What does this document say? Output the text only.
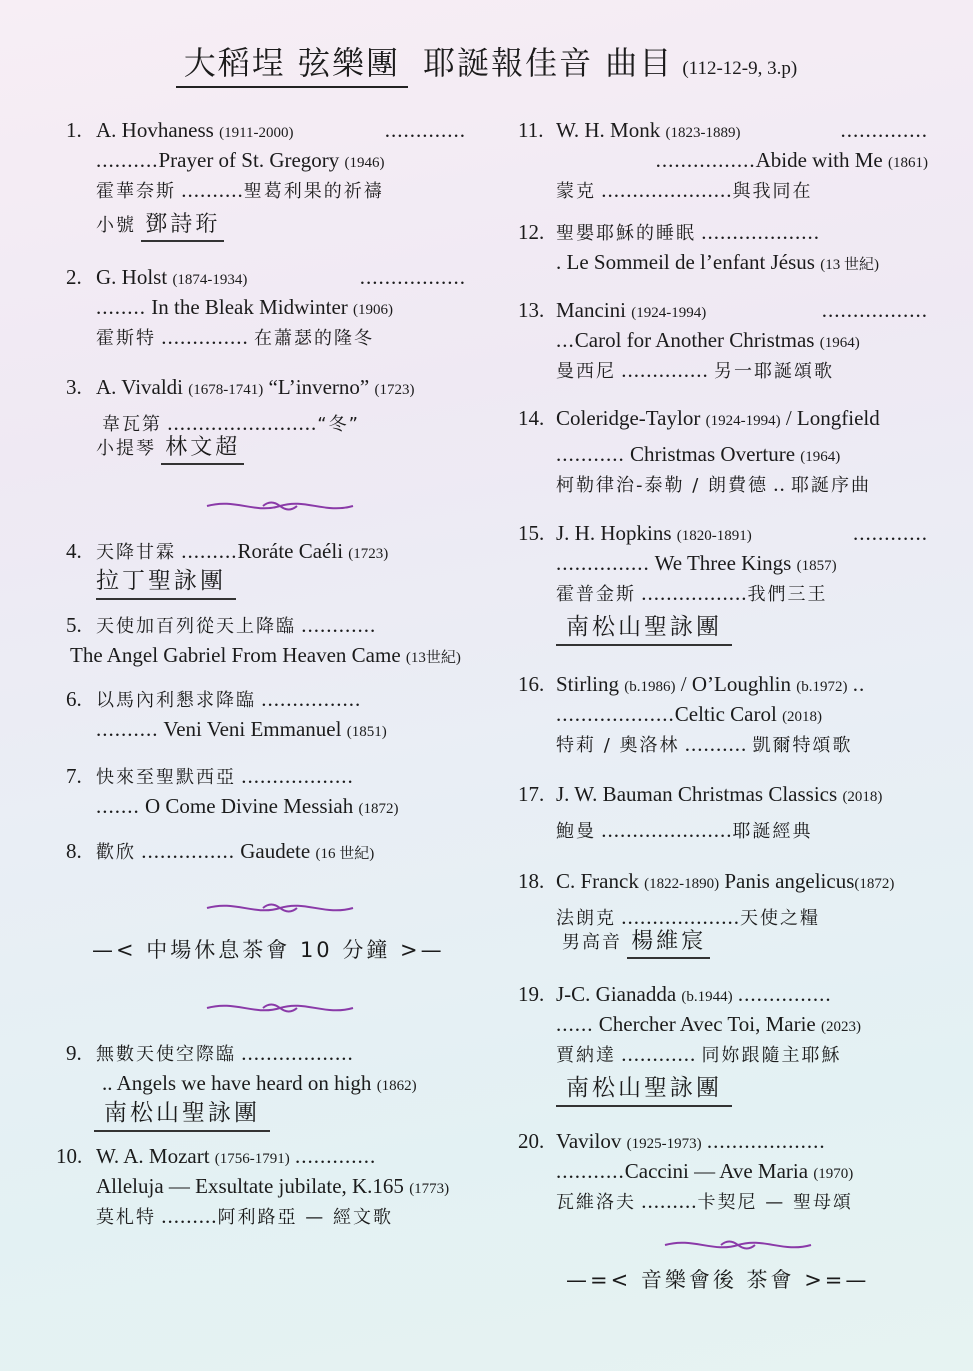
大稻埕 弦樂團 耶誕報佳音 曲目 (112-12-9, 3.p)
1. A. Hovhaness (1911-2000)	.............
..........Prayer of St. Gregory (1946)
霍華奈斯 ..........聖葛利果的祈禱
小號 鄧詩珩
2. G. Holst (1874-1934)	.................
........ In the Bleak Midwinter (1906)
霍斯特 .............. 在蕭瑟的隆冬
3. A. Vivaldi (1678-1741) “L’inverno” (1723)
韋瓦第 ........................“冬”
小提琴 林文超
4. 天降甘霖 .........Roráte Caéli (1723)
拉丁聖詠團
5. 天使加百列從天上降臨 ............
The Angel Gabriel From Heaven Came (13世紀)
6. 以馬內利懇求降臨 ................
.......... Veni Veni Emmanuel (1851)
7. 快來至聖默西亞 ..................
....... O Come Divine Messiah (1872)
8. 歡欣 ............... Gaudete (16 世紀)
—< 中場休息茶會 10 分鐘 >—
9. 無數天使空際臨 ..................
.. Angels we have heard on high (1862)
南松山聖詠團
10. W. A. Mozart (1756-1791) .............
Alleluja — Exsultate jubilate, K.165 (1773)
莫札特 .........阿利路亞 — 經文歌
11. W. H. Monk (1823-1889)	..............
................Abide with Me (1861)
蒙克 .....................與我同在
12. 聖嬰耶穌的睡眠 ...................
. Le Sommeil de l’enfant Jésus (13 世紀)
13. Mancini (1924-1994)	.................
...Carol for Another Christmas (1964)
曼西尼 .............. 另一耶誕頌歌
14. Coleridge-Taylor (1924-1994) / Longfield
........... Christmas Overture (1964)
柯勒律治-泰勒 / 朗費德 .. 耶誕序曲
15. J. H. Hopkins (1820-1891)	............
............... We Three Kings (1857)
霍普金斯 .................我們三王
南松山聖詠團
16. Stirling (b.1986) / O’Loughlin (b.1972) ..
...................Celtic Carol (2018)
特莉 / 奧洛林 .......... 凱爾特頌歌
17. J. W. Bauman Christmas Classics (2018)
鮑曼 .....................耶誕經典
18. C. Franck (1822-1890) Panis angelicus(1872)
法朗克 ...................天使之糧
男高音 楊維宸
19. J-C. Gianadda (b.1944) ...............
...... Chercher Avec Toi, Marie (2023)
賈納達 ............ 同妳跟隨主耶穌
南松山聖詠團
20. Vavilov (1925-1973) ...................
...........Caccini — Ave Maria (1970)
瓦維洛夫 .........卡契尼 — 聖母頌
—=< 音樂會後 茶會 >=—
